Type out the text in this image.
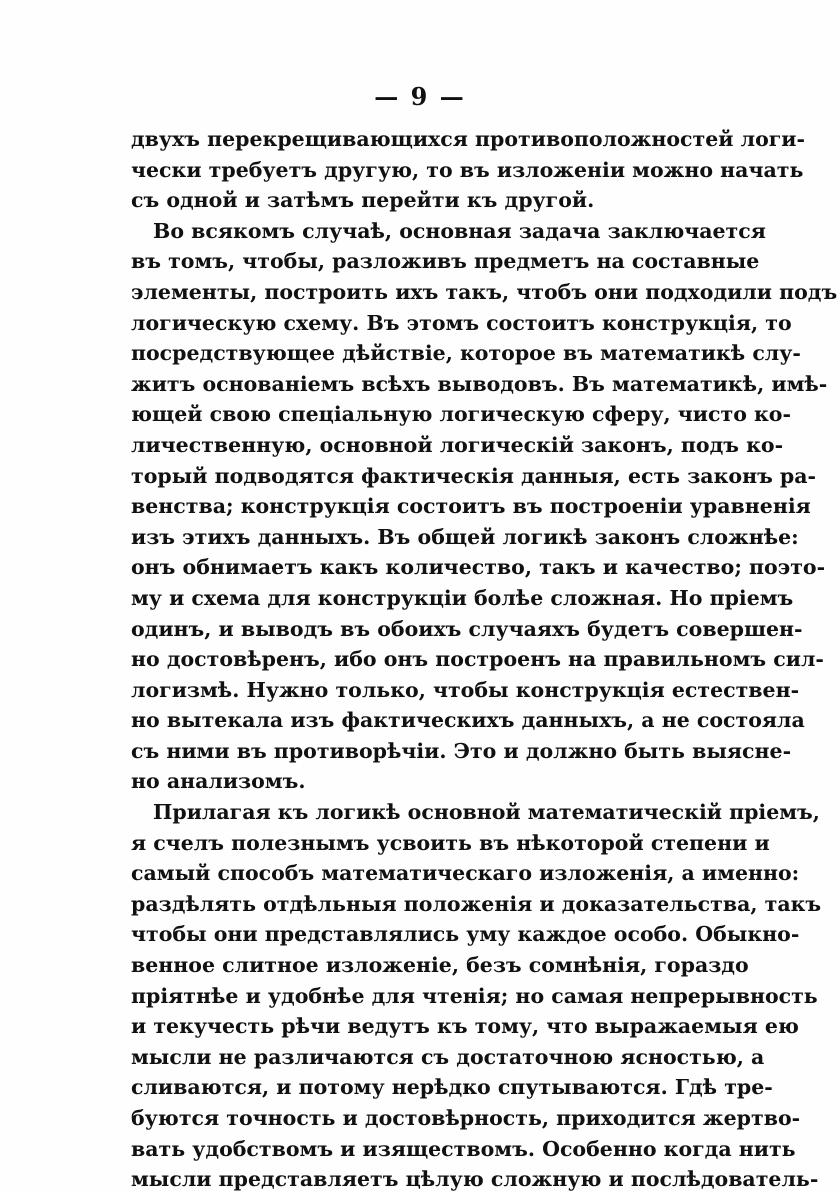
— 9 —
двухъ перекрещивающихся противоположностей логи-
чески требуетъ другую, то въ изложеніи можно начать
съ одной и затѣмъ перейти къ другой.
Во всякомъ случаѣ, основная задача заключается
въ томъ, чтобы, разложивъ предметъ на составные
элементы, построить ихъ такъ, чтобъ они подходили подъ
логическую схему. Въ этомъ состоитъ конструкція, то
посредствующее дѣйствіе, которое въ математикѣ слу-
житъ основаніемъ всѣхъ выводовъ. Въ математикѣ, имѣ-
ющей свою спеціальную логическую сферу, чисто ко-
личественную, основной логическій законъ, подъ ко-
торый подводятся фактическія данныя, есть законъ ра-
венства; конструкція состоитъ въ построеніи уравненія
изъ этихъ данныхъ. Въ общей логикѣ законъ сложнѣе:
онъ обнимаетъ какъ количество, такъ и качество; поэто-
му и схема для конструкціи болѣе сложная. Но пріемъ
одинъ, и выводъ въ обоихъ случаяхъ будетъ совершен-
но достовѣренъ, ибо онъ построенъ на правильномъ сил-
логизмѣ. Нужно только, чтобы конструкція естествен-
но вытекала изъ фактическихъ данныхъ, а не состояла
съ ними въ противорѣчіи. Это и должно быть выясне-
но анализомъ.
Прилагая къ логикѣ основной математическій пріемъ,
я счелъ полезнымъ усвоить въ нѣкоторой степени и
самый способъ математическаго изложенія, а именно:
раздѣлять отдѣльныя положенія и доказательства, такъ
чтобы они представлялись уму каждое особо. Обыкно-
венное слитное изложеніе, безъ сомнѣнія, гораздо
пріятнѣе и удобнѣе для чтенія; но самая непрерывность
и текучесть рѣчи ведутъ къ тому, что выражаемыя ею
мысли не различаются съ достаточною ясностью, а
сливаются, и потому нерѣдко спутываются. Гдѣ тре-
буются точность и достовѣрность, приходится жертво-
вать удобствомъ и изяществомъ. Особенно когда нить
мысли представляетъ цѣлую сложную и послѣдователь-
